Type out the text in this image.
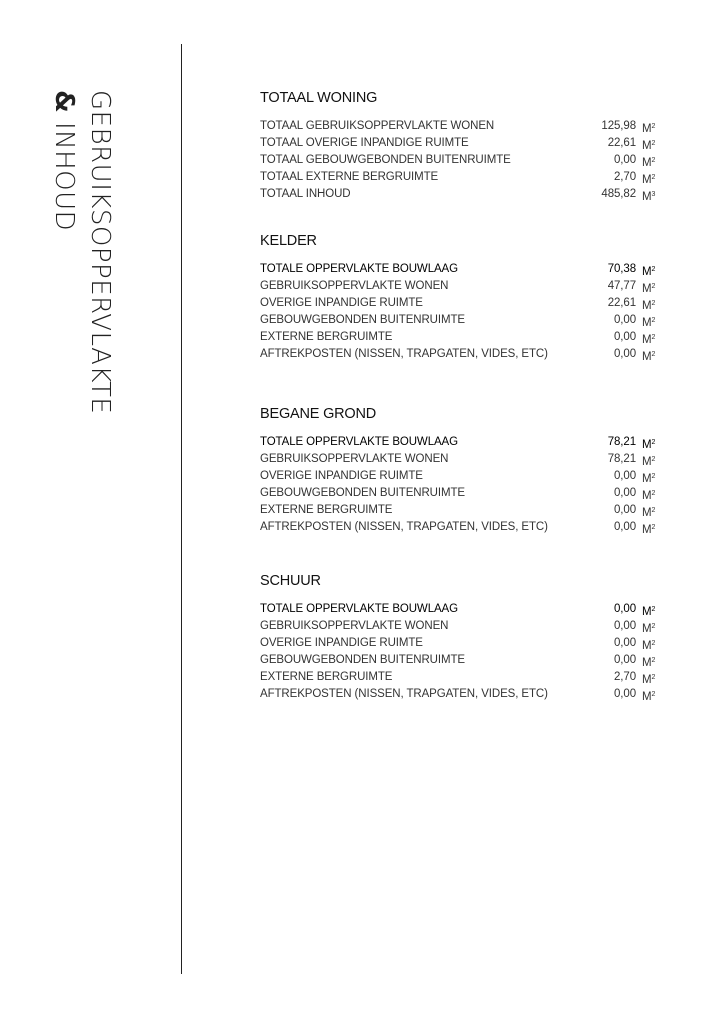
GEBRUIKSOPPERVLAKTE
& INHOUD
TOTAAL WONING
TOTAAL GEBRUIKSOPPERVLAKTE WONEN	125,98 $M^2$
TOTAAL OVERIGE INPANDIGE RUIMTE	22,61 $M^2$
TOTAAL GEBOUWGEBONDEN BUITENRUIMTE	0,00 $M^2$
TOTAAL EXTERNE BERGRUIMTE	2,70 $M^2$
TOTAAL INHOUD	485,82 $M^3$
KELDER
TOTALE OPPERVLAKTE BOUWLAAG	70,38 $M^2$
GEBRUIKSOPPERVLAKTE WONEN	47,77 $M^2$
OVERIGE INPANDIGE RUIMTE	22,61 $M^2$
GEBOUWGEBONDEN BUITENRUIMTE	0,00 $M^2$
EXTERNE BERGRUIMTE	0,00 $M^2$
AFTREKPOSTEN (NISSEN, TRAPGATEN, VIDES, ETC)	0,00 $M^2$
BEGANE GROND
TOTALE OPPERVLAKTE BOUWLAAG	78,21 $M^2$
GEBRUIKSOPPERVLAKTE WONEN	78,21 $M^2$
OVERIGE INPANDIGE RUIMTE	0,00 $M^2$
GEBOUWGEBONDEN BUITENRUIMTE	0,00 $M^2$
EXTERNE BERGRUIMTE	0,00 $M^2$
AFTREKPOSTEN (NISSEN, TRAPGATEN, VIDES, ETC)	0,00 $M^2$
SCHUUR
TOTALE OPPERVLAKTE BOUWLAAG	0,00 $M^2$
GEBRUIKSOPPERVLAKTE WONEN	0,00 $M^2$
OVERIGE INPANDIGE RUIMTE	0,00 $M^2$
GEBOUWGEBONDEN BUITENRUIMTE	0,00 $M^2$
EXTERNE BERGRUIMTE	2,70 $M^2$
AFTREKPOSTEN (NISSEN, TRAPGATEN, VIDES, ETC)	0,00 $M^2$
